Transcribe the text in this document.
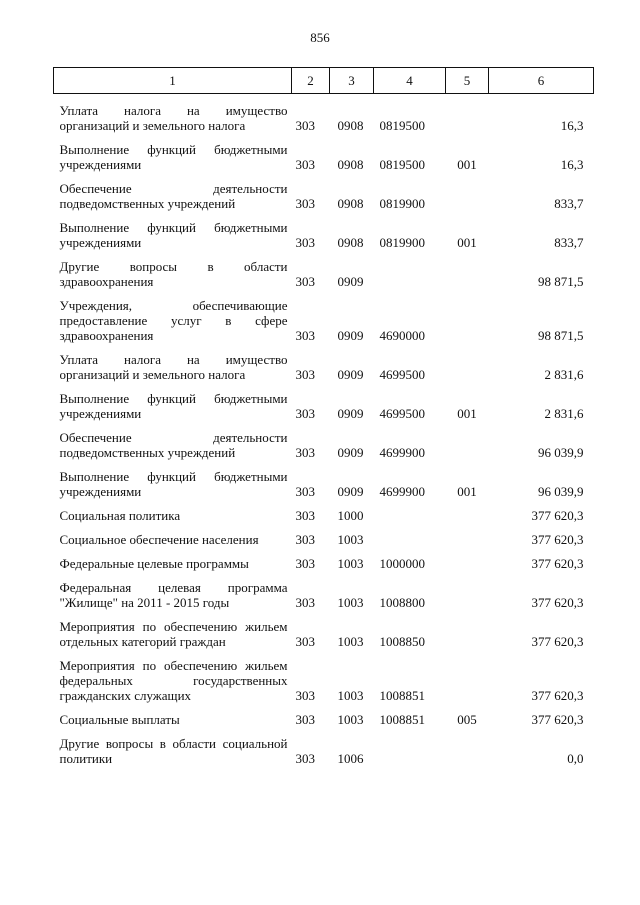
856
1	2	3	4	5	6
Уплата налога на имущество организаций и земельного налога	303	0908	0819500		16,3
Выполнение функций бюджетными учреждениями	303	0908	0819500	001	16,3
Обеспечение деятельности подведомственных учреждений	303	0908	0819900		833,7
Выполнение функций бюджетными учреждениями	303	0908	0819900	001	833,7
Другие вопросы в области здравоохранения	303	0909			98 871,5
Учреждения, обеспечивающие предоставление услуг в сфере здравоохранения	303	0909	4690000		98 871,5
Уплата налога на имущество организаций и земельного налога	303	0909	4699500		2 831,6
Выполнение функций бюджетными учреждениями	303	0909	4699500	001	2 831,6
Обеспечение деятельности подведомственных учреждений	303	0909	4699900		96 039,9
Выполнение функций бюджетными учреждениями	303	0909	4699900	001	96 039,9
Социальная политика	303	1000			377 620,3
Социальное обеспечение населения	303	1003			377 620,3
Федеральные целевые программы	303	1003	1000000		377 620,3
Федеральная целевая программа "Жилище" на 2011 - 2015 годы	303	1003	1008800		377 620,3
Мероприятия по обеспечению жильем отдельных категорий граждан	303	1003	1008850		377 620,3
Мероприятия по обеспечению жильем федеральных государственных гражданских служащих	303	1003	1008851		377 620,3
Социальные выплаты	303	1003	1008851	005	377 620,3
Другие вопросы в области социальной политики	303	1006			0,0
